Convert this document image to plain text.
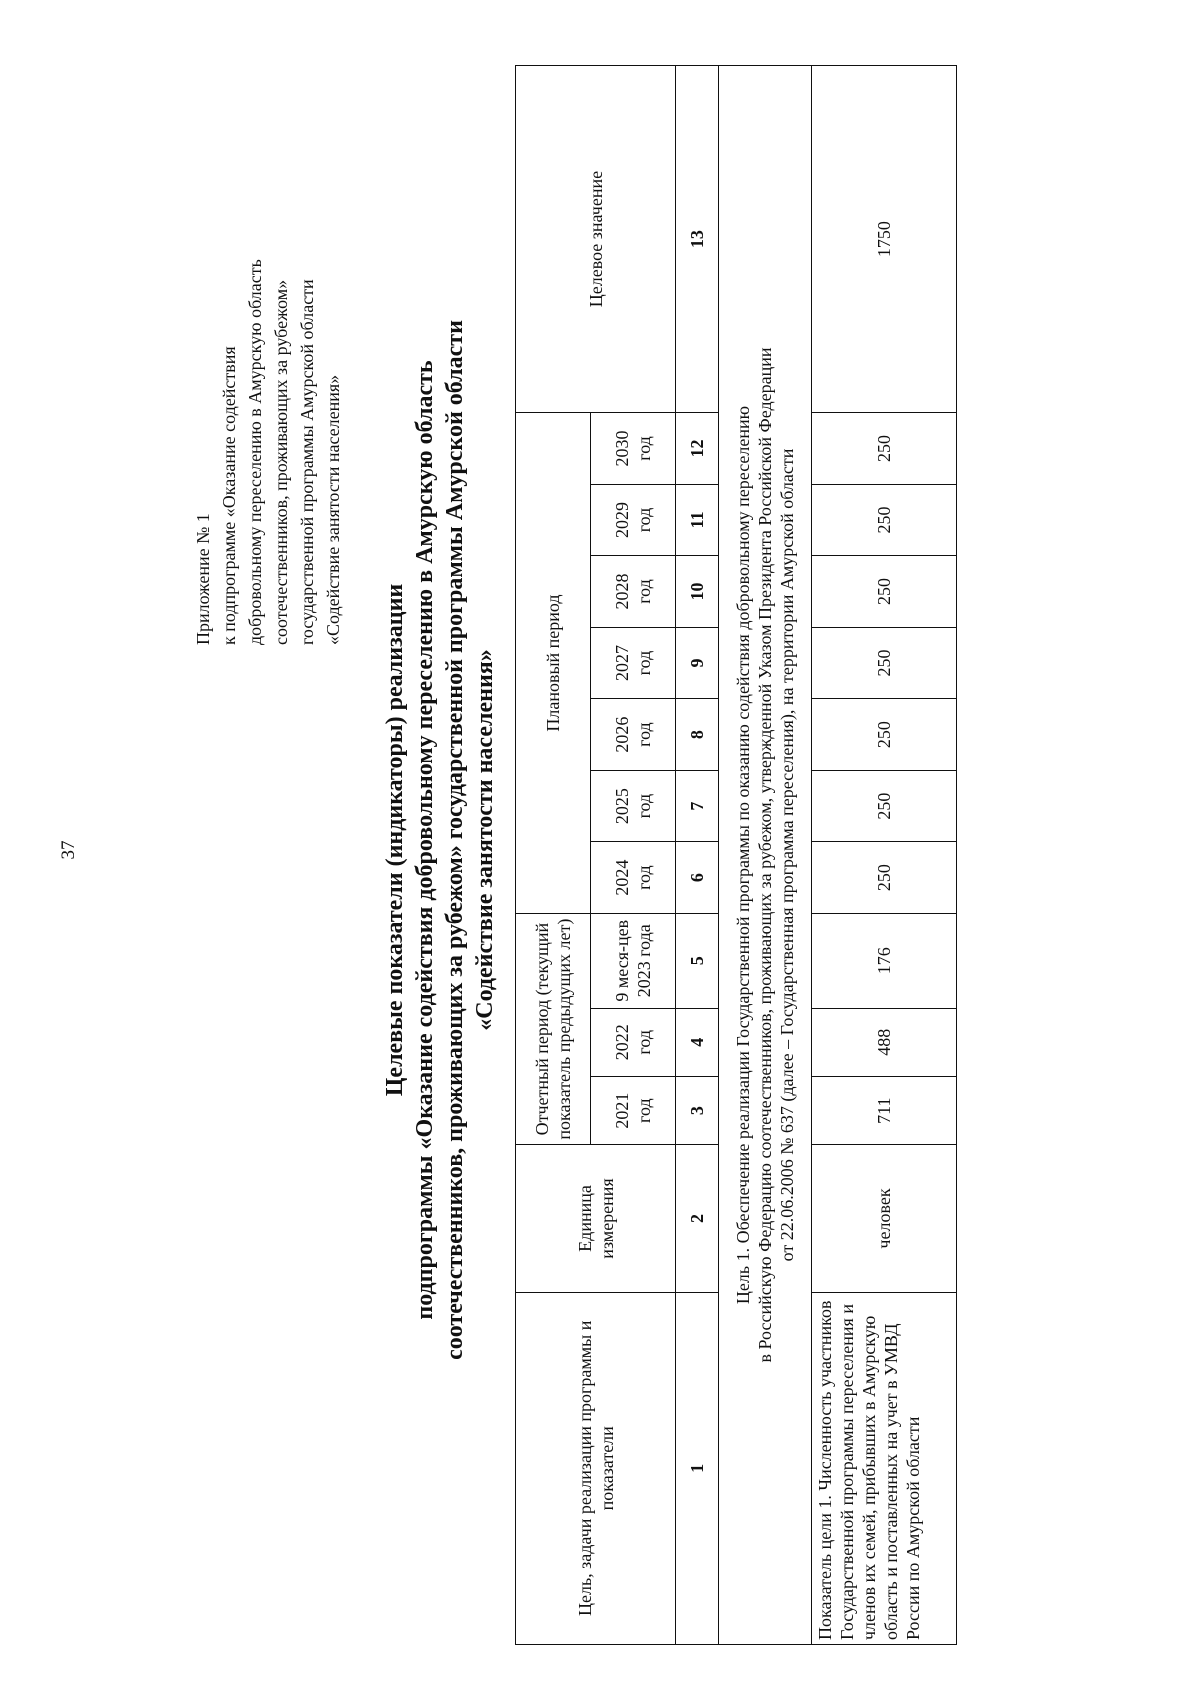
37
Приложение № 1 к подпрограмме «Оказание содействия добровольному переселению в Амурскую область соотечественников, проживающих за рубежом» государственной программы Амурской области «Содействие занятости населения»
Целевые показатели (индикаторы) реализации подпрограммы «Оказание содействия добровольному переселению в Амурскую область соотечественников, проживающих за рубежом» государственной программы Амурской области «Содействие занятости населения»
Цель, задачи реализации программы и показатели	Единица измерения	Отчетный период (текущий показатель предыдущих лет)			Плановый период							Целевое значение
		2021 год	2022 год	9 меся-цев 2023 года	2024 год	2025 год	2026 год	2027 год	2028 год	2029 год	2030 год	
1	2	3	4	5	6	7	8	9	10	11	12	13

Цель 1. Обеспечение реализации Государственной программы по оказанию содействия добровольному переселению в Российскую Федерацию соотечественников, проживающих за рубежом, утвержденной Указом Президента Российской Федерации от 22.06.2006 № 637 (далее – Государственная программа переселения), на территории Амурской области												

Показатель цели 1. Численность участников Государственной программы переселения и членов их семей, прибывших в Амурскую область и поставленных на учет в УМВД России по Амурской области	человек	711	488	176	250	250	250	250	250	250	250	1750
